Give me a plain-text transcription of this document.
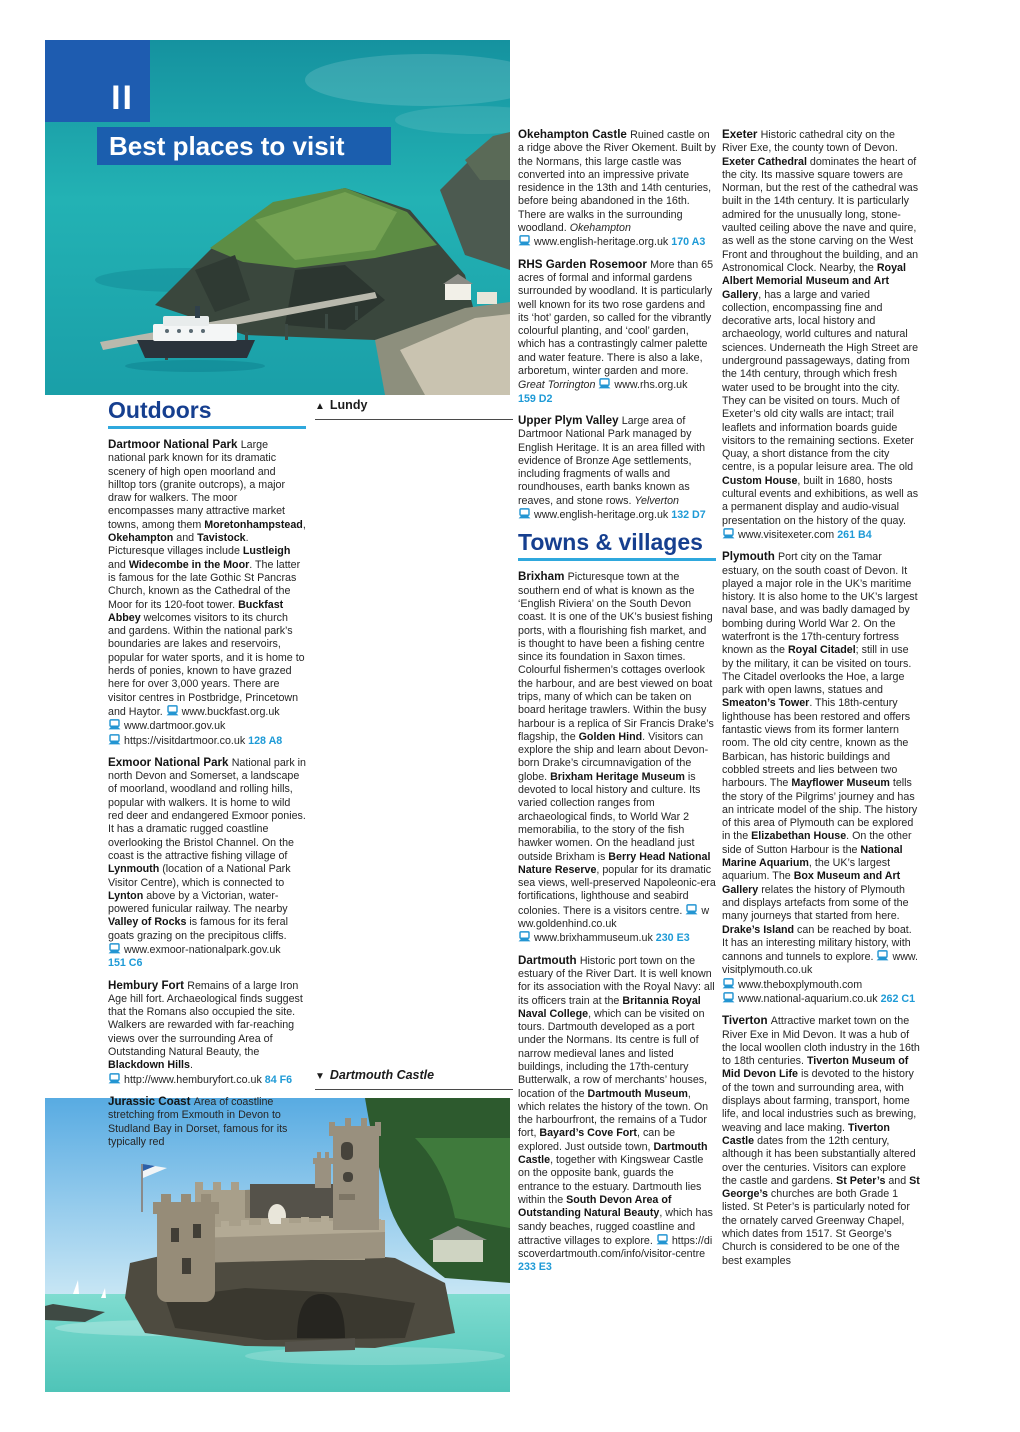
II
Best places to visit
Outdoors

Dartmoor National Park Large national park known for its dramatic scenery of high open moorland and hilltop tors (granite outcrops), a major draw for walkers. The moor encompasses many attractive market towns, among them Moretonhampstead, Okehampton and Tavistock. Picturesque villages include Lustleigh and Widecombe in the Moor. The latter is famous for the late Gothic St Pancras Church, known as the Cathedral of the Moor for its 120-foot tower. Buckfast Abbey welcomes visitors to its church and gardens. Within the national park’s boundaries are lakes and reservoirs, popular for water sports, and it is home to herds of ponies, known to have grazed here for over 3,000 years. There are visitor centres in Postbridge, Princetown and Haytor. www.buckfast.org.uk
www.dartmoor.gov.uk
https://visitdartmoor.co.uk 128 A8

Exmoor National Park National park in north Devon and Somerset, a landscape of moorland, woodland and rolling hills, popular with walkers. It is home to wild red deer and endangered Exmoor ponies. It has a dramatic rugged coastline overlooking the Bristol Channel. On the coast is the attractive fishing village of Lynmouth (location of a National Park Visitor Centre), which is connected to Lynton above by a Victorian, water-powered funicular railway. The nearby Valley of Rocks is famous for its feral goats grazing on the precipitous cliffs.
www.exmoor-nationalpark.gov.uk
151 C6

Hembury Fort Remains of a large Iron Age hill fort. Archaeological finds suggest that the Romans also occupied the site. Walkers are rewarded with far-reaching views over the surrounding Area of Outstanding Natural Beauty, the Blackdown Hills.
http://www.hemburyfort.co.uk 84 F6

Jurassic Coast Area of coastline stretching from Exmouth in Devon to Studland Bay in Dorset, famous for its typically red

▲ Lundy

Okehampton Castle Ruined castle on a ridge above the River Okement. Built by the Normans, this large castle was converted into an impressive private residence in the 13th and 14th centuries, before being abandoned in the 16th. There are walks in the surrounding woodland. Okehampton
www.english-heritage.org.uk 170 A3

RHS Garden Rosemoor More than 65 acres of formal and informal gardens surrounded by woodland. It is particularly well known for its two rose gardens and its ‘hot’ garden, so called for the vibrantly colourful planting, and ‘cool’ garden, which has a contrastingly calmer palette and water feature. There is also a lake, arboretum, winter garden and more.
Great Torrington www.rhs.org.uk
159 D2

Upper Plym Valley Large area of Dartmoor National Park managed by English Heritage. It is an area filled with evidence of Bronze Age settlements, including fragments of walls and roundhouses, earth banks known as reaves, and stone rows. Yelverton
www.english-heritage.org.uk 132 D7

Towns & villages

Brixham Picturesque town at the southern end of what is known as the ‘English Riviera’ on the South Devon coast. It is one of the UK’s busiest fishing ports, with a flourishing fish market, and is thought to have been a fishing centre since its foundation in Saxon times. Colourful fishermen’s cottages overlook the harbour, and are best viewed on boat trips, many of which can be taken on board heritage trawlers. Within the busy harbour is a replica of Sir Francis Drake’s flagship, the Golden Hind. Visitors can explore the ship and learn about Devon-born Drake’s circumnavigation of the globe. Brixham Heritage Museum is devoted to local history and culture. Its varied collection ranges from archaeological finds, to World War 2 memorabilia, to the story of the fish hawker women. On the headland just outside Brixham is Berry Head National Nature Reserve, popular for its dramatic sea views, well-preserved Napoleonic-era fortifications, lighthouse and seabird colonies. There is a visitors centre. www.goldenhind.co.uk
www.brixhammuseum.uk 230 E3

Dartmouth Historic port town on the estuary of the River Dart. It is well known for its association with the Royal Navy: all its officers train at the Britannia Royal Naval College, which can be visited on tours. Dartmouth developed as a port under the Normans. Its centre is full of narrow medieval lanes and listed buildings, including the 17th-century Butterwalk, a row of merchants’ houses, location of the Dartmouth Museum, which relates the history of the town. On the harbourfront, the remains of a Tudor fort, Bayard’s Cove Fort, can be explored. Just outside town, Dartmouth Castle, together with Kingswear Castle on the opposite bank, guards the entrance to the estuary. Dartmouth lies within the South Devon Area of Outstanding Natural Beauty, which has sandy beaches, rugged coastline and attractive villages to explore. https://discoverdartmouth.com/info/visitor-centre 233 E3

Exeter Historic cathedral city on the River Exe, the county town of Devon. Exeter Cathedral dominates the heart of the city. Its massive square towers are Norman, but the rest of the cathedral was built in the 14th century. It is particularly admired for the unusually long, stone-vaulted ceiling above the nave and quire, as well as the stone carving on the West Front and throughout the building, and an Astronomical Clock. Nearby, the Royal Albert Memorial Museum and Art Gallery, has a large and varied collection, encompassing fine and decorative arts, local history and archaeology, world cultures and natural sciences. Underneath the High Street are underground passageways, dating from the 14th century, through which fresh water used to be brought into the city. They can be visited on tours. Much of Exeter’s old city walls are intact; trail leaflets and information boards guide visitors to the remaining sections. Exeter Quay, a short distance from the city centre, is a popular leisure area. The old Custom House, built in 1680, hosts cultural events and exhibitions, as well as a permanent display and audio-visual presentation on the history of the quay. www.visitexeter.com 261 B4

Plymouth Port city on the Tamar estuary, on the south coast of Devon. It played a major role in the UK’s maritime history. It is also home to the UK’s largest naval base, and was badly damaged by bombing during World War 2. On the waterfront is the 17th-century fortress known as the Royal Citadel; still in use by the military, it can be visited on tours. The Citadel overlooks the Hoe, a large park with open lawns, statues and Smeaton’s Tower. This 18th-century lighthouse has been restored and offers fantastic views from its former lantern room. The old city centre, known as the Barbican, has historic buildings and cobbled streets and lies between two harbours. The Mayflower Museum tells the story of the Pilgrims’ journey and has an intricate model of the ship. The history of this area of Plymouth can be explored in the Elizabethan House. On the other side of Sutton Harbour is the National Marine Aquarium, the UK’s largest aquarium. The Box Museum and Art Gallery relates the history of Plymouth and displays artefacts from some of the many journeys that started from here. Drake’s Island can be reached by boat. It has an interesting military history, with cannons and tunnels to explore. www.visitplymouth.co.uk
www.theboxplymouth.com
www.national-aquarium.co.uk 262 C1

Tiverton Attractive market town on the River Exe in Mid Devon. It was a hub of the local woollen cloth industry in the 16th to 18th centuries. Tiverton Museum of Mid Devon Life is devoted to the history of the town and surrounding area, with displays about farming, transport, home life, and local industries such as brewing, weaving and lace making. Tiverton Castle dates from the 12th century, although it has been substantially altered over the centuries. Visitors can explore the castle and gardens. St Peter’s and St George’s churches are both Grade 1 listed. St Peter’s is particularly noted for the ornately carved Greenway Chapel, which dates from 1517. St George’s Church is considered to be one of the best examples

▼ Dartmouth Castle
